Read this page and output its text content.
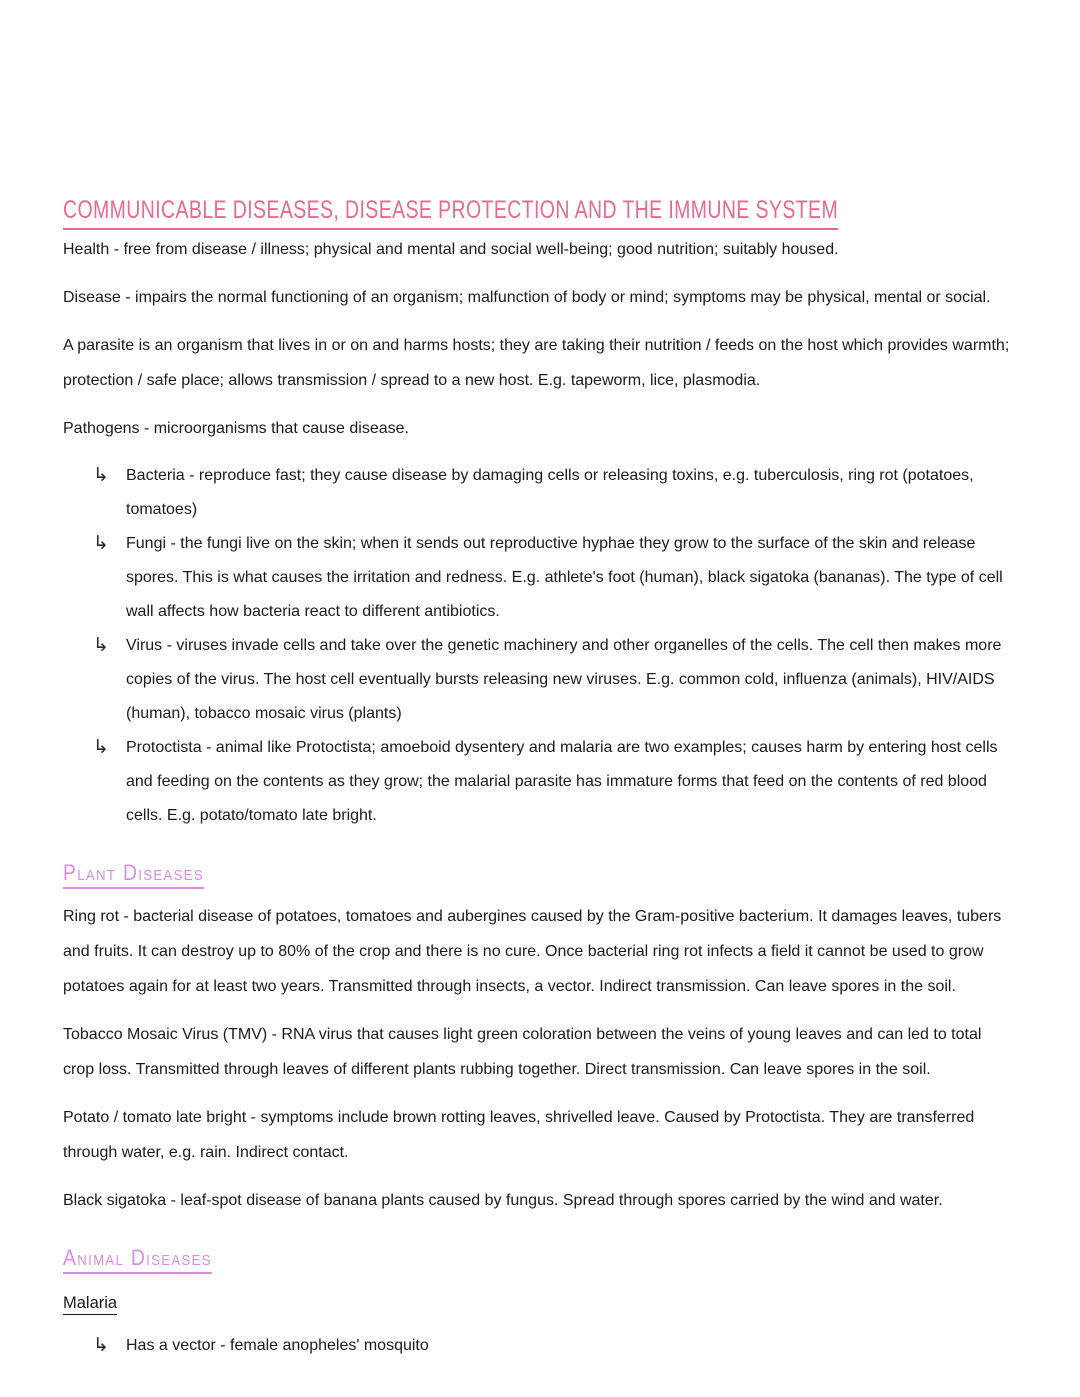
COMMUNICABLE DISEASES, DISEASE PROTECTION AND THE IMMUNE SYSTEM

Health - free from disease / illness; physical and mental and social well-being; good nutrition; suitably housed.

Disease - impairs the normal functioning of an organism; malfunction of body or mind; symptoms may be physical, mental or social.

A parasite is an organism that lives in or on and harms hosts; they are taking their nutrition / feeds on the host which provides warmth; protection / safe place; allows transmission / spread to a new host. E.g. tapeworm, lice, plasmodia.

Pathogens - microorganisms that cause disease.

↳	Bacteria - reproduce fast; they cause disease by damaging cells or releasing toxins, e.g. tuberculosis, ring rot (potatoes, tomatoes)
↳	Fungi - the fungi live on the skin; when it sends out reproductive hyphae they grow to the surface of the skin and release spores. This is what causes the irritation and redness. E.g. athlete's foot (human), black sigatoka (bananas). The type of cell wall affects how bacteria react to different antibiotics.
↳	Virus - viruses invade cells and take over the genetic machinery and other organelles of the cells. The cell then makes more copies of the virus. The host cell eventually bursts releasing new viruses. E.g. common cold, influenza (animals), HIV/AIDS (human), tobacco mosaic virus (plants)
↳	Protoctista - animal like Protoctista; amoeboid dysentery and malaria are two examples; causes harm by entering host cells and feeding on the contents as they grow; the malarial parasite has immature forms that feed on the contents of red blood cells. E.g. potato/tomato late bright.
Plant Diseases

Ring rot - bacterial disease of potatoes, tomatoes and aubergines caused by the Gram-positive bacterium. It damages leaves, tubers and fruits. It can destroy up to 80% of the crop and there is no cure. Once bacterial ring rot infects a field it cannot be used to grow potatoes again for at least two years. Transmitted through insects, a vector. Indirect transmission. Can leave spores in the soil.

Tobacco Mosaic Virus (TMV) - RNA virus that causes light green coloration between the veins of young leaves and can led to total crop loss. Transmitted through leaves of different plants rubbing together. Direct transmission. Can leave spores in the soil.

Potato / tomato late bright - symptoms include brown rotting leaves, shrivelled leave. Caused by Protoctista. They are transferred through water, e.g. rain. Indirect contact.

Black sigatoka - leaf-spot disease of banana plants caused by fungus. Spread through spores carried by the wind and water.

Animal Diseases
Malaria
↳	Has a vector - female anopheles' mosquito
